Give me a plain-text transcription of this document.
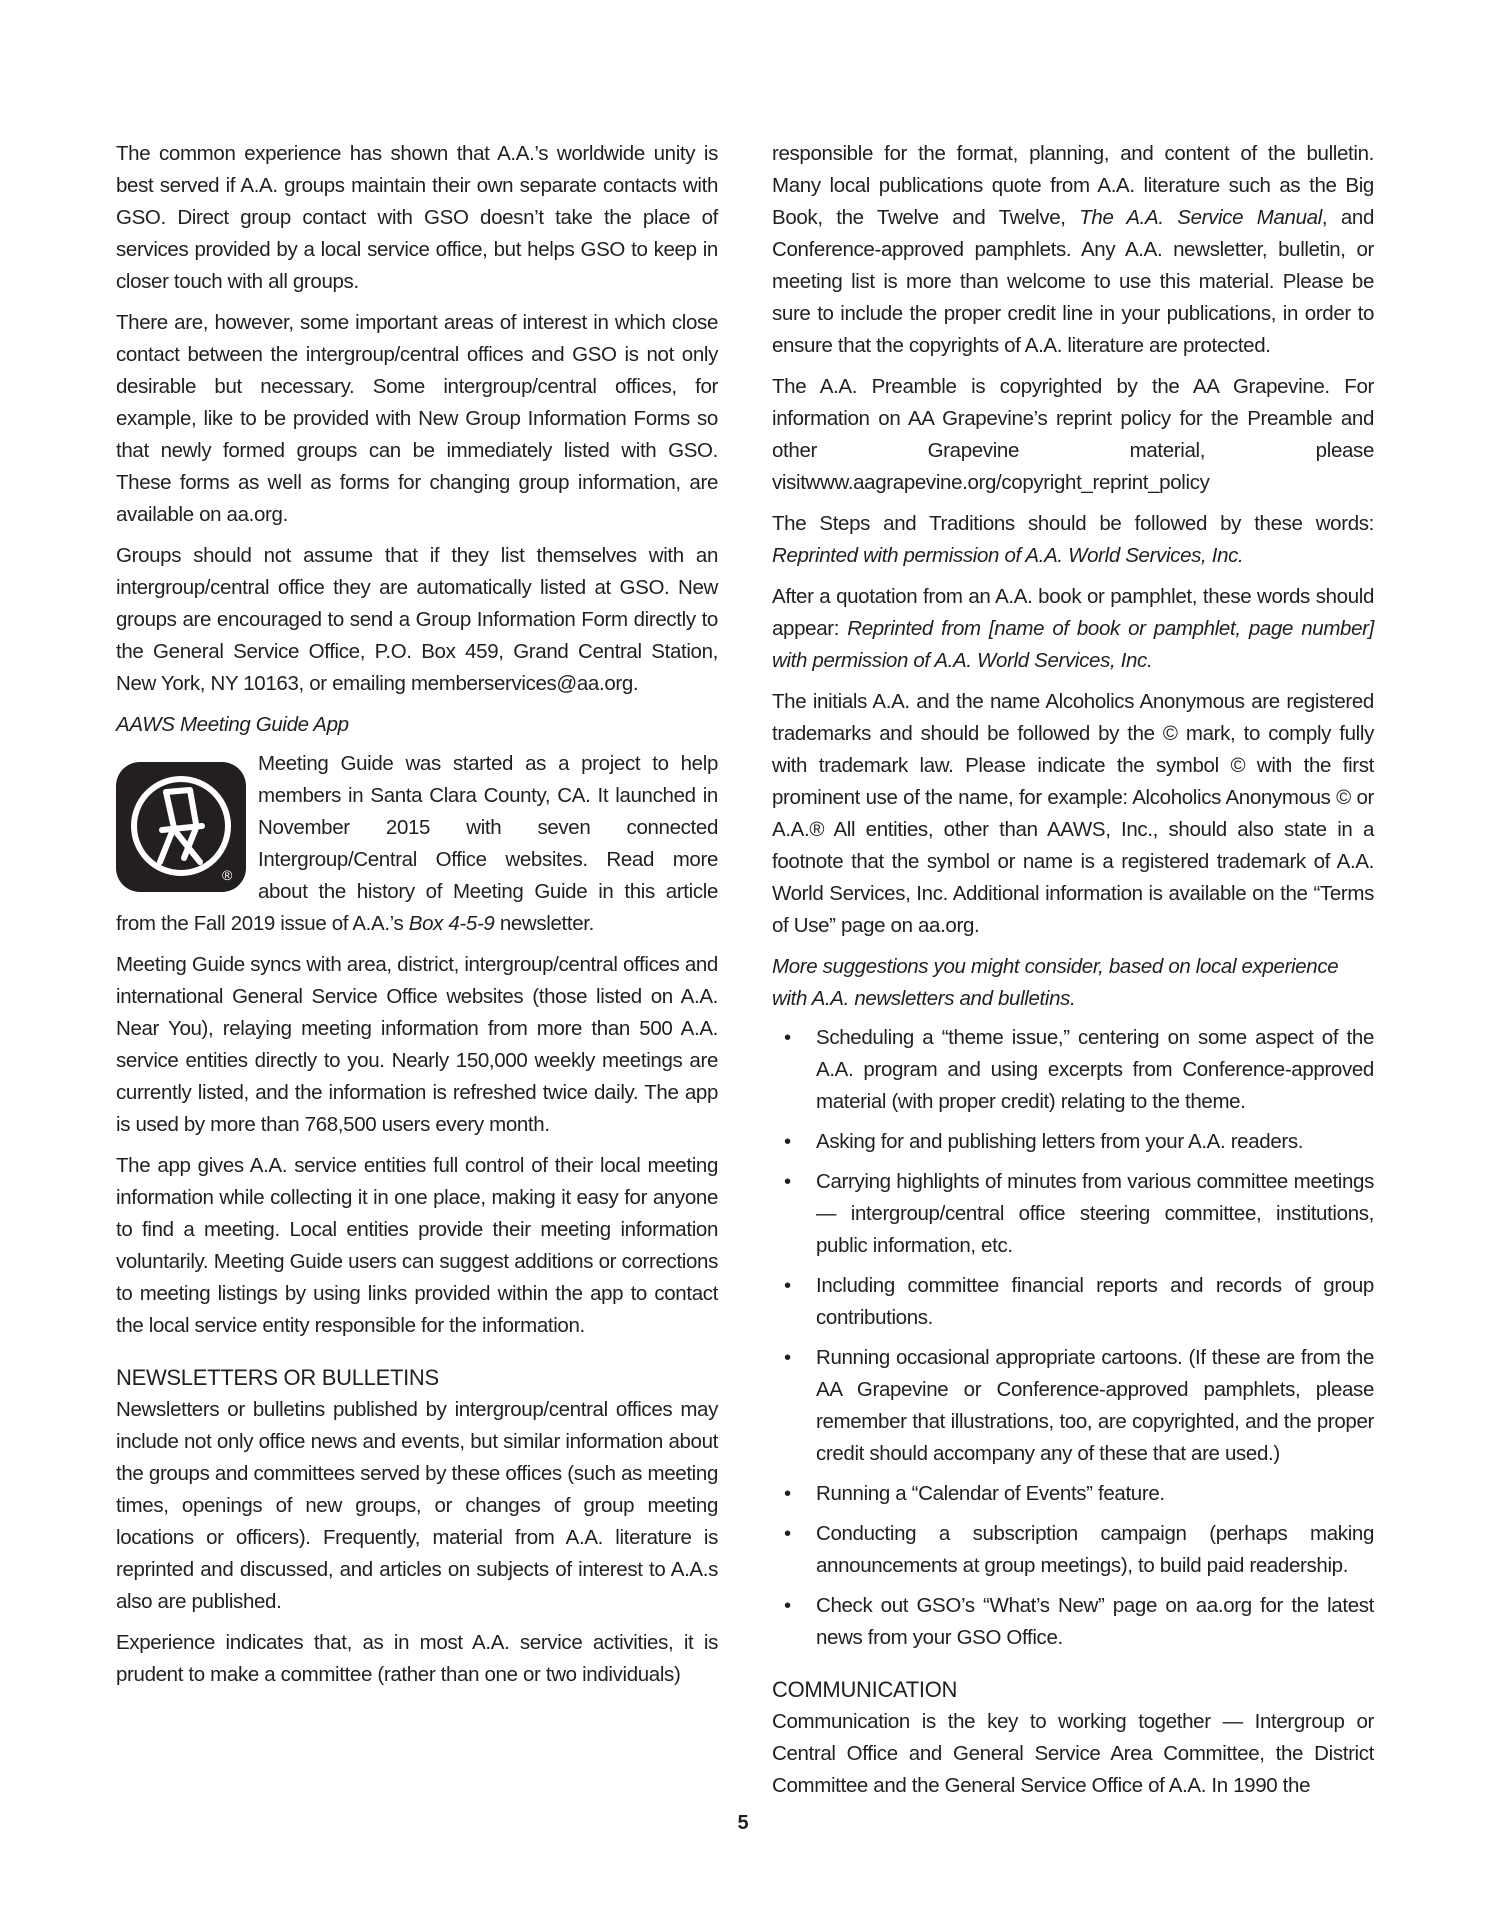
The common experience has shown that A.A.’s worldwide unity is best served if A.A. groups maintain their own separate contacts with GSO. Direct group contact with GSO doesn’t take the place of services provided by a local service office, but helps GSO to keep in closer touch with all groups.

There are, however, some important areas of interest in which close contact between the intergroup/central offices and GSO is not only desirable but necessary. Some intergroup/central offices, for example, like to be provided with New Group Information Forms so that newly formed groups can be immediately listed with GSO. These forms as well as forms for changing group information, are available on aa.org.

Groups should not assume that if they list themselves with an intergroup/central office they are automatically listed at GSO. New groups are encouraged to send a Group Information Form directly to the General Service Office, P.O. Box 459, Grand Central Station, New York, NY 10163, or emailing memberservices@aa.org.

AAWS Meeting Guide App
®

Meeting Guide was started as a project to help members in Santa Clara County, CA. It launched in November 2015 with seven connected Intergroup/Central Office websites. Read more about the history of Meeting Guide in this article from the Fall 2019 issue of A.A.’s Box 4-5-9 newsletter.

Meeting Guide syncs with area, district, intergroup/central offices and international General Service Office websites (those listed on A.A. Near You), relaying meeting information from more than 500 A.A. service entities directly to you. Nearly 150,000 weekly meetings are currently listed, and the information is refreshed twice daily. The app is used by more than 768,500 users every month.

The app gives A.A. service entities full control of their local meeting information while collecting it in one place, making it easy for anyone to find a meeting. Local entities provide their meeting information voluntarily. Meeting Guide users can suggest additions or corrections to meeting listings by using links provided within the app to contact the local service entity responsible for the information.

NEWSLETTERS OR BULLETINS

Newsletters or bulletins published by intergroup/central offices may include not only office news and events, but similar information about the groups and committees served by these offices (such as meeting times, openings of new groups, or changes of group meeting locations or officers). Frequently, material from A.A. literature is reprinted and discussed, and articles on subjects of interest to A.A.s also are published.

Experience indicates that, as in most A.A. service activities, it is prudent to make a committee (rather than one or two individuals)

responsible for the format, planning, and content of the bulletin. Many local publications quote from A.A. literature such as the Big Book, the Twelve and Twelve, The A.A. Service Manual, and Conference-approved pamphlets. Any A.A. newsletter, bulletin, or meeting list is more than welcome to use this material. Please be sure to include the proper credit line in your publications, in order to ensure that the copyrights of A.A. literature are protected.

The A.A. Preamble is copyrighted by the AA Grapevine. For information on AA Grapevine’s reprint policy for the Preamble and other Grapevine material, please visitwww.aagrapevine.org/copyright_reprint_policy

The Steps and Traditions should be followed by these words: Reprinted with permission of A.A. World Services, Inc.

After a quotation from an A.A. book or pamphlet, these words should appear: Reprinted from [name of book or pamphlet, page number] with permission of A.A. World Services, Inc.

The initials A.A. and the name Alcoholics Anonymous are registered trademarks and should be followed by the © mark, to comply fully with trademark law. Please indicate the symbol © with the first prominent use of the name, for example: Alcoholics Anonymous © or A.A.® All entities, other than AAWS, Inc., should also state in a footnote that the symbol or name is a registered trademark of A.A. World Services, Inc. Additional information is available on the “Terms of Use” page on aa.org.

More suggestions you might consider, based on local experience with A.A. newsletters and bulletins.
• Scheduling a “theme issue,” centering on some aspect of the A.A. program and using excerpts from Conference-approved material (with proper credit) relating to the theme.
• Asking for and publishing letters from your A.A. readers.
• Carrying highlights of minutes from various committee meetings — intergroup/central office steering committee, institutions, public information, etc.
• Including committee financial reports and records of group contributions.
• Running occasional appropriate cartoons. (If these are from the AA Grapevine or Conference-approved pamphlets, please remember that illustrations, too, are copyrighted, and the proper credit should accompany any of these that are used.)
• Running a “Calendar of Events” feature.
• Conducting a subscription campaign (perhaps making announcements at group meetings), to build paid readership.
• Check out GSO’s “What’s New” page on aa.org for the latest news from your GSO Office.
COMMUNICATION

Communication is the key to working together — Intergroup or Central Office and General Service Area Committee, the District Committee and the General Service Office of A.A. In 1990 the

5
